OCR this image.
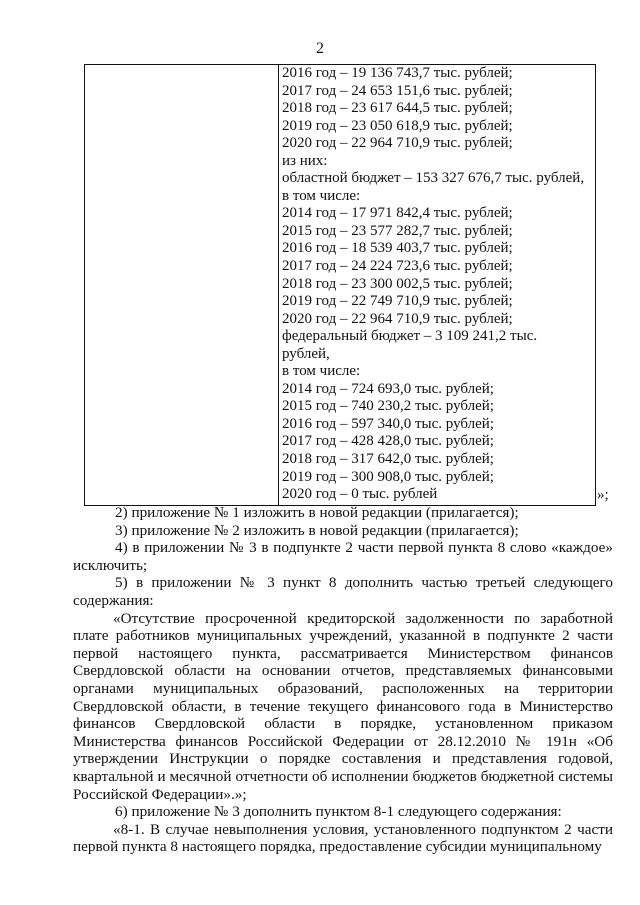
2

2016 год – 19 136 743,7 тыс. рублей;
2017 год – 24 653 151,6 тыс. рублей;
2018 год – 23 617 644,5 тыс. рублей;
2019 год – 23 050 618,9 тыс. рублей;
2020 год – 22 964 710,9 тыс. рублей;
из них:
областной бюджет – 153 327 676,7 тыс. рублей,
в том числе:
2014 год – 17 971 842,4 тыс. рублей;
2015 год – 23 577 282,7 тыс. рублей;
2016 год – 18 539 403,7 тыс. рублей;
2017 год – 24 224 723,6 тыс. рублей;
2018 год – 23 300 002,5 тыс. рублей;
2019 год – 22 749 710,9 тыс. рублей;
2020 год – 22 964 710,9 тыс. рублей;
федеральный бюджет – 3 109 241,2 тыс.
рублей,
в том числе:
2014 год – 724 693,0 тыс. рублей;
2015 год – 740 230,2 тыс. рублей;
2016 год – 597 340,0 тыс. рублей;
2017 год – 428 428,0 тыс. рублей;
2018 год – 317 642,0 тыс. рублей;
2019 год – 300 908,0 тыс. рублей;
2020 год – 0 тыс. рублей	»;

2) приложение № 1 изложить в новой редакции (прилагается);

3) приложение № 2 изложить в новой редакции (прилагается);

4) в приложении № 3 в подпункте 2 части первой пункта 8 слово «каждое» исключить;

5) в приложении № 3 пункт 8 дополнить частью третьей следующего содержания:

«Отсутствие просроченной кредиторской задолженности по заработной плате работников муниципальных учреждений, указанной в подпункте 2 части первой настоящего пункта, рассматривается Министерством финансов Свердловской области на основании отчетов, представляемых финансовыми органами муниципальных образований, расположенных на территории Свердловской области, в течение текущего финансового года в Министерство финансов Свердловской области в порядке, установленном приказом Министерства финансов Российской Федерации от 28.12.2010 № 191н «Об утверждении Инструкции о порядке составления и представления годовой, квартальной и месячной отчетности об исполнении бюджетов бюджетной системы Российской Федерации».»;

6) приложение № 3 дополнить пунктом 8-1 следующего содержания:

«8-1. В случае невыполнения условия, установленного подпунктом 2 части первой пункта 8 настоящего порядка, предоставление субсидии муниципальному
